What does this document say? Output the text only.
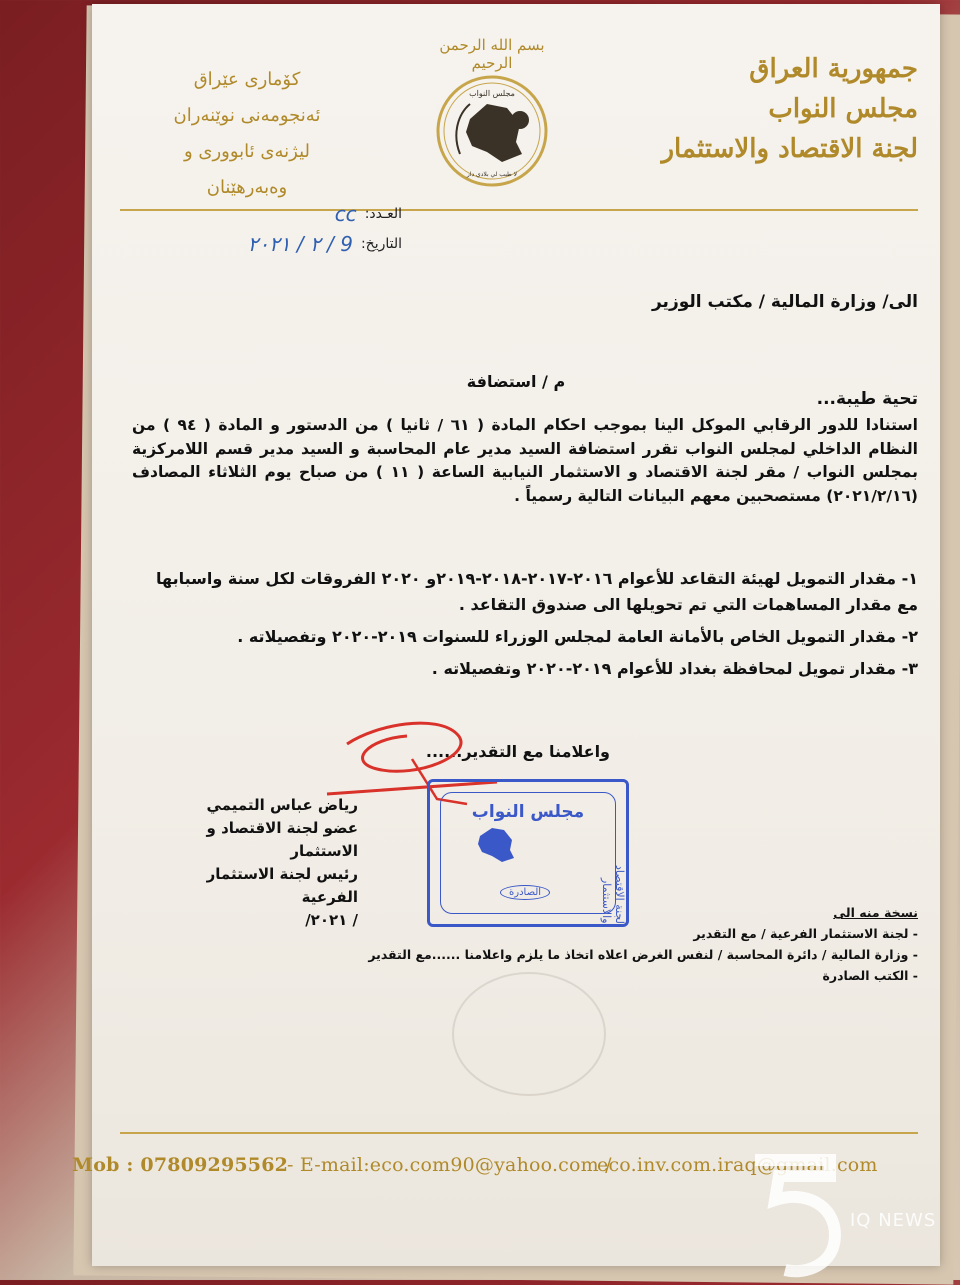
جمهورية العراق
مجلس النواب
لجنة الاقتصاد والاستثمار
بسم الله الرحمن الرحيم
مجلس النواب
لا طيب لي بلادي دار
کۆماری عێراق
ئەنجومەنی نوێنەران
لیژنەی ئابووری و وەبەرهێنان
العـدد:
cc
التاريخ:
9 / ٢ / ٢٠٢١
الى/ وزارة المالية / مكتب الوزير
م / استضافة
تحية طيبة...
استنادا للدور الرقابي الموكل الينا بموجب احكام المادة ( ٦١ / ثانيا ) من الدستور و المادة ( ٩٤ ) من النظام الداخلي لمجلس النواب تقرر استضافة السيد مدير عام المحاسبة و السيد مدير قسم اللامركزية بمجلس النواب / مقر لجنة الاقتصاد و الاستثمار النيابية الساعة ( ١١ ) من صباح يوم الثلاثاء المصادف (٢٠٢١/٢/١٦) مستصحبين معهم البيانات التالية رسمياً .

١- مقدار التمويل لهيئة التقاعد للأعوام ٢٠١٦-٢٠١٧-٢٠١٨-٢٠١٩و ٢٠٢٠ الفروقات لكل سنة واسبابها مع مقدار المساهمات التي تم تحويلها الى صندوق التقاعد .

٢- مقدار التمويل الخاص بالأمانة العامة لمجلس الوزراء للسنوات ٢٠١٩-٢٠٢٠ وتفصيلاته .

٣- مقدار تمويل لمحافظة بغداد للأعوام ٢٠١٩-٢٠٢٠ وتفصيلاته .

واعلامنا مع التقدير......
رياض عباس التميمي
عضو لجنة الاقتصاد و الاستثمار
رئيس لجنة الاستثمار الفرعية
/ ٢٠٢١/
مجلس النواب
لجنة الاقتصاد والاستثمار
الصادرة
نسخة منه الى
- لجنة الاستثمار الفرعية / مع التقدير
- وزارة المالية / دائرة المحاسبة / لنفس الغرض اعلاه اتخاذ ما يلزم واعلامنا ......مع التقدير
- الكتب الصادرة
Mob : 07809295562
- E-mail:eco.com90@yahoo.com /
eco.inv.com.iraq@gmail.com
IQ NEWS
